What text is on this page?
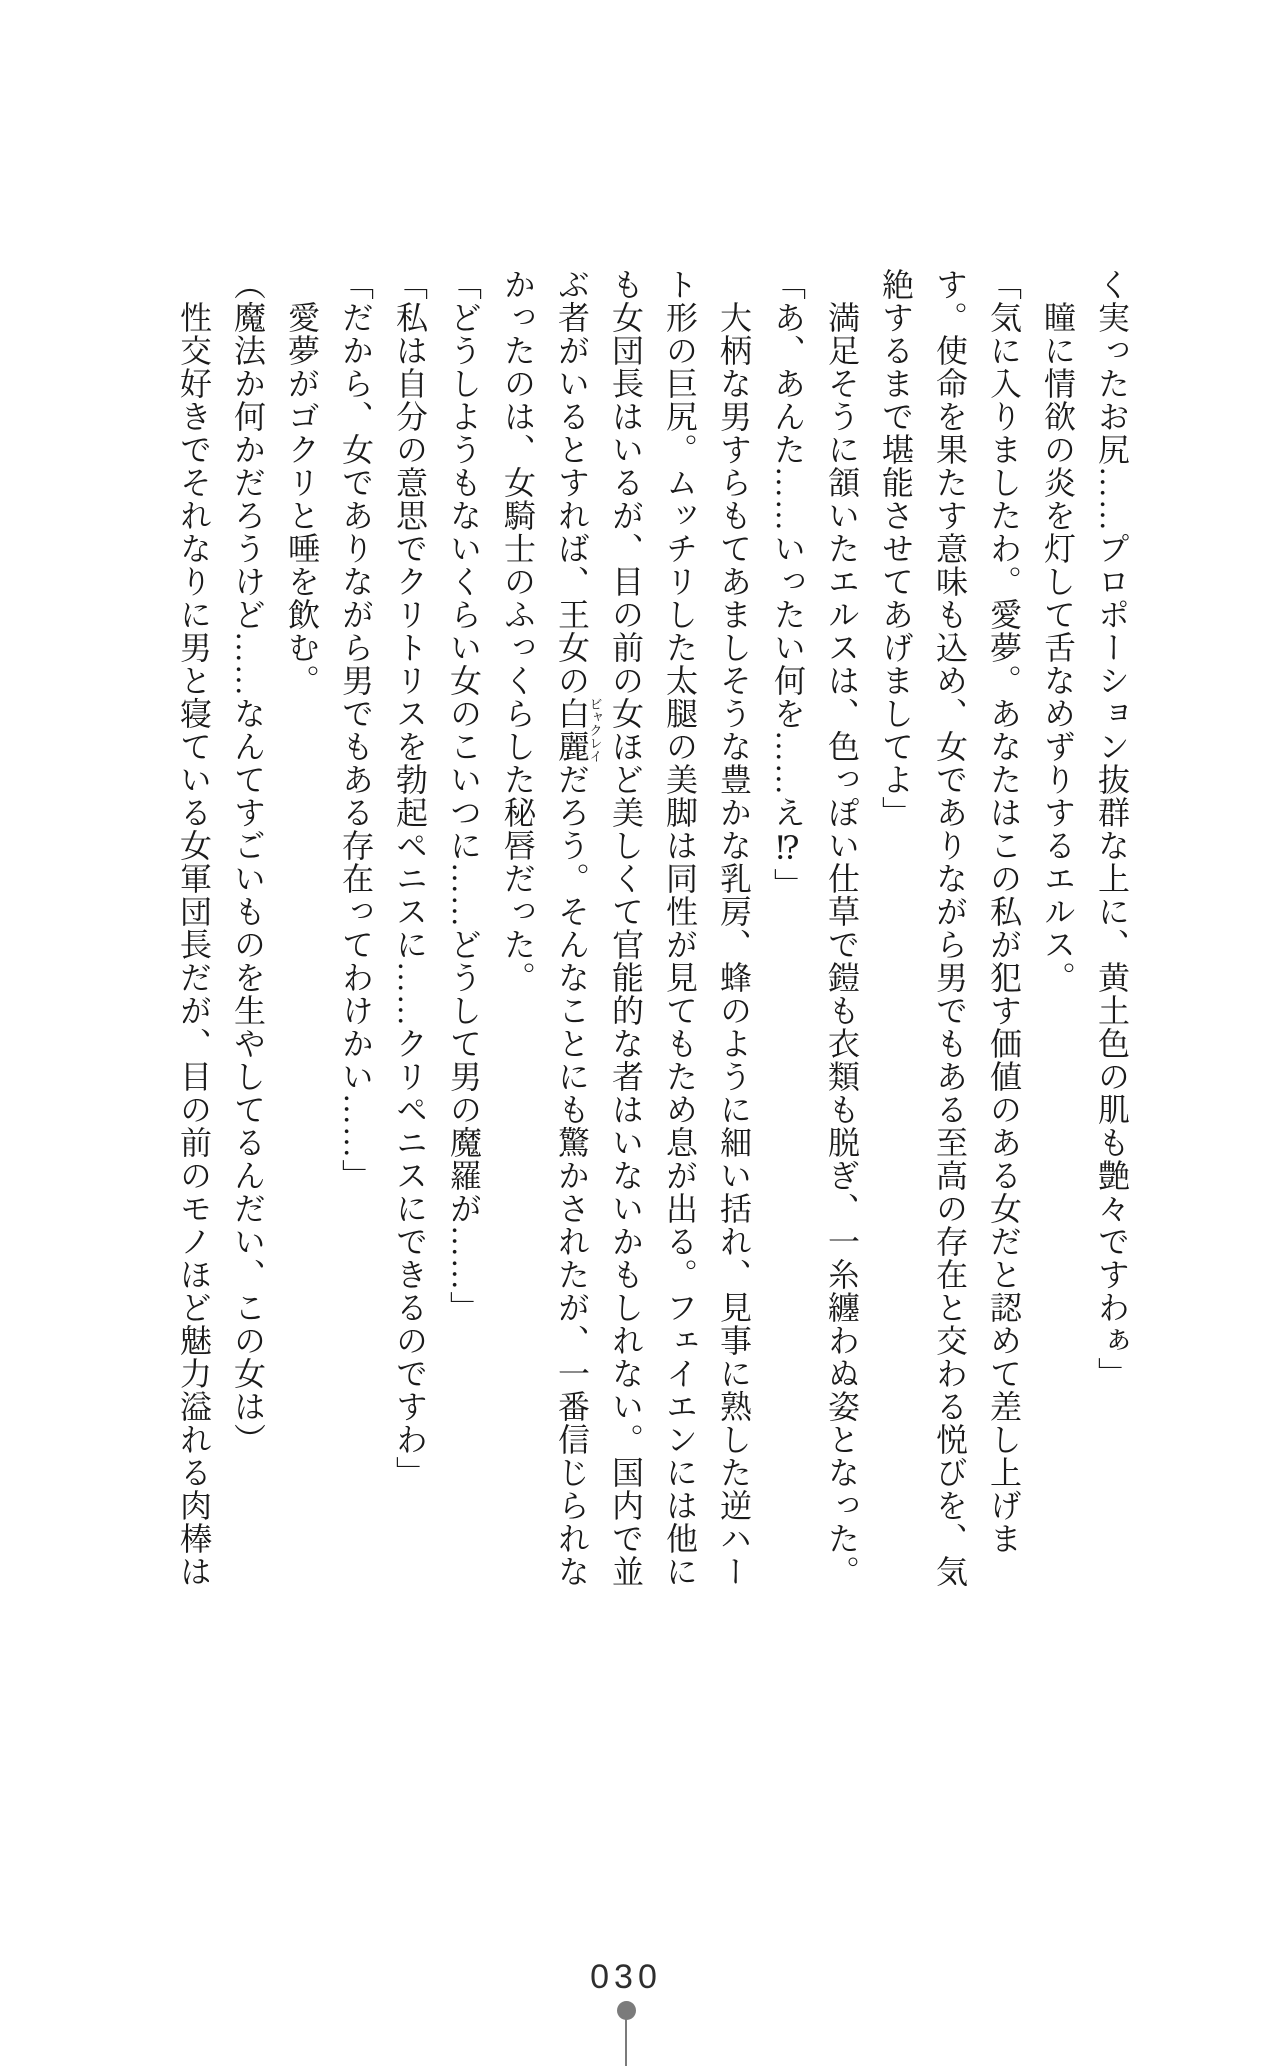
く実ったお尻……プロポーション抜群な上に、黄土色の肌も艶々ですわぁ」

瞳に情欲の炎を灯して舌なめずりするエルス。

「気に入りましたわ。愛夢。あなたはこの私が犯す価値のある女だと認めて差し上げます。使命を果たす意味も込め、女でありながら男でもある至高の存在と交わる悦びを、気絶するまで堪能させてあげましてよ」

満足そうに頷いたエルスは、色っぽい仕草で鎧も衣類も脱ぎ、一糸纏わぬ姿となった。

「あ、あんた……いったい何を……え⁉」

大柄な男すらもてあましそうな豊かな乳房、蜂のように細い括れ、見事に熟した逆ハート形の巨尻。ムッチリした太腿の美脚は同性が見てもため息が出る。フェイエンには他にも女団長はいるが、目の前の女ほど美しくて官能的な者はいないかもしれない。国内で並ぶ者がいるとすれば、王女の白麗ビャクレイだろう。そんなことにも驚かされたが、一番信じられなかったのは、女騎士のふっくらした秘唇だった。

「どうしようもないくらい女のこいつに……どうして男の魔羅が……」

「私は自分の意思でクリトリスを勃起ペニスに……クリペニスにできるのですわ」

「だから、女でありながら男でもある存在ってわけかい……」

愛夢がゴクリと唾を飲む。

（魔法か何かだろうけど……なんてすごいものを生やしてるんだい、この女は）

性交好きでそれなりに男と寝ている女軍団長だが、目の前のモノほど魅力溢れる肉棒は

030
